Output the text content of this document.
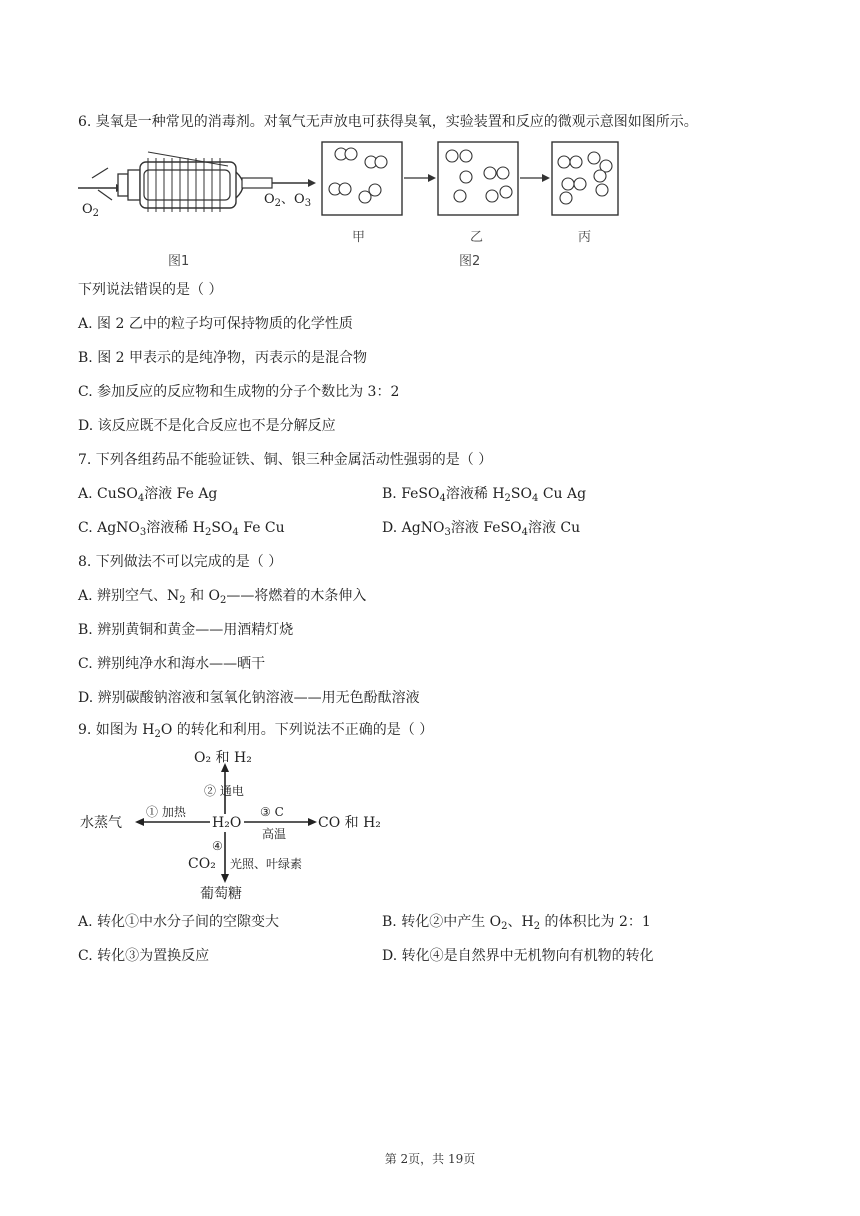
6. 臭氧是一种常见的消毒剂。对氧气无声放电可获得臭氧，实验装置和反应的微观示意图如图所示。
$O_2$
$O_2$、$O_3$
图1
甲	乙	丙
图2
下列说法错误的是（ ）
A. 图 2 乙中的粒子均可保持物质的化学性质
B. 图 2 甲表示的是纯净物，丙表示的是混合物
C. 参加反应的反应物和生成物的分子个数比为 3：2
D. 该反应既不是化合反应也不是分解反应
7. 下列各组药品不能验证铁、铜、银三种金属活动性强弱的是（ ）
A. CuSO$_4$溶液 Fe Ag	B. FeSO$_4$溶液稀 $H_2SO_4$ Cu Ag
C. AgNO$_3$溶液稀 $H_2SO_4$ Fe Cu	D. AgNO$_3$溶液 FeSO$_4$溶液 Cu
8. 下列做法不可以完成的是（ ）
A. 辨别空气、$N_2$ 和 $O_2——$将燃着的木条伸入
B. 辨别黄铜和黄金——用酒精灯烧
C. 辨别纯净水和海水——晒干
D. 辨别碳酸钠溶液和氢氧化钠溶液——用无色酚酞溶液
9. 如图为 $H_2O$ 的转化和利用。下列说法不正确的是（ ）
O₂ 和 H₂
② 通电
水蒸气
① 加热
H₂O
③ C
高温
CO 和 H₂
④
CO₂ 光照、叶绿素
葡萄糖
A. 转化①中水分子间的空隙变大	B. 转化②中产生 $O_2$、$H_2$ 的体积比为 2：1
C. 转化③为置换反应	D. 转化④是自然界中无机物向有机物的转化
第 2页，共 19页
